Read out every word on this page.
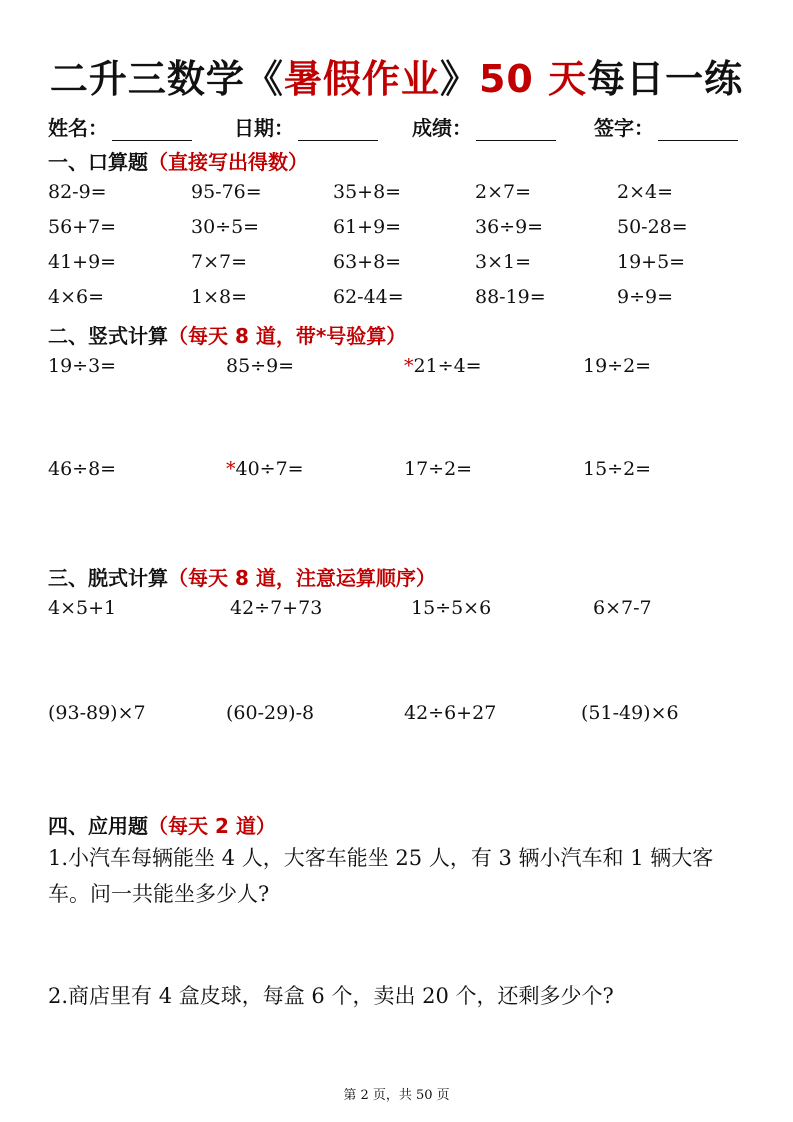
二升三数学《暑假作业》50 天每日一练
姓名：	日期：	成绩：	签字：
一、口算题（直接写出得数）
82-9=	95-76=	35+8=	2×7=	2×4=
56+7=	30÷5=	61+9=	36÷9=	50-28=
41+9=	7×7=	63+8=	3×1=	19+5=
4×6=	1×8=	62-44=	88-19=	9÷9=
二、竖式计算（每天 8 道，带*号验算）
19÷3=	85÷9=	*21÷4=	19÷2=
46÷8=	*40÷7=	17÷2=	15÷2=
三、脱式计算（每天 8 道，注意运算顺序）
4×5+1	42÷7+73	15÷5×6	6×7-7
(93-89)×7	(60-29)-8	42÷6+27	(51-49)×6
四、应用题（每天 2 道）
1.小汽车每辆能坐 4 人，大客车能坐 25 人，有 3 辆小汽车和 1 辆大客车。问一共能坐多少人?
2.商店里有 4 盒皮球，每盒 6 个，卖出 20 个，还剩多少个?
第 2 页，共 50 页
